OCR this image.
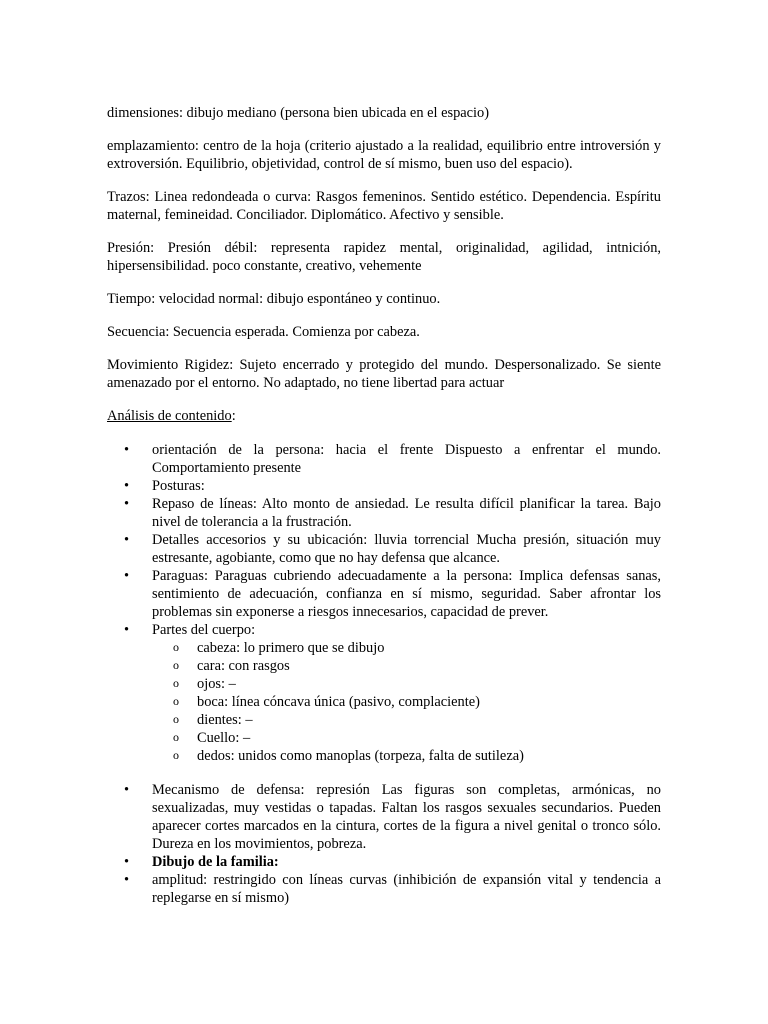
dimensiones: dibujo mediano (persona bien ubicada en el espacio)

emplazamiento: centro de la hoja (criterio ajustado a la realidad, equilibrio entre introversión y extroversión. Equilibrio, objetividad, control de sí mismo, buen uso del espacio).

Trazos: Linea redondeada o curva: Rasgos femeninos. Sentido estético. Dependencia. Espíritu maternal, femineidad. Conciliador. Diplomático. Afectivo y sensible.

Presión: Presión débil: representa rapidez mental, originalidad, agilidad, intnición, hipersensibilidad. poco constante, creativo, vehemente

Tiempo: velocidad normal: dibujo espontáneo y continuo.

Secuencia: Secuencia esperada. Comienza por cabeza.

Movimiento Rigidez: Sujeto encerrado y protegido del mundo. Despersonalizado. Se siente amenazado por el entorno. No adaptado, no tiene libertad para actuar

Análisis de contenido:

• orientación de la persona: hacia el frente Dispuesto a enfrentar el mundo. Comportamiento presente
• Posturas:
• Repaso de líneas: Alto monto de ansiedad. Le resulta difícil planificar la tarea. Bajo nivel de tolerancia a la frustración.
• Detalles accesorios y su ubicación: lluvia torrencial Mucha presión, situación muy estresante, agobiante, como que no hay defensa que alcance.
• Paraguas: Paraguas cubriendo adecuadamente a la persona: Implica defensas sanas, sentimiento de adecuación, confianza en sí mismo, seguridad. Saber afrontar los problemas sin exponerse a riesgos innecesarios, capacidad de prever.
• Partes del cuerpo:
o cabeza: lo primero que se dibujo
o cara: con rasgos
o ojos: –
o boca: línea cóncava única (pasivo, complaciente)
o dientes: –
o Cuello: –
o dedos: unidos como manoplas (torpeza, falta de sutileza)
• Mecanismo de defensa: represión Las figuras son completas, armónicas, no sexualizadas, muy vestidas o tapadas. Faltan los rasgos sexuales secundarios. Pueden aparecer cortes marcados en la cintura, cortes de la figura a nivel genital o tronco sólo. Dureza en los movimientos, pobreza.
• Dibujo de la familia:
• amplitud: restringido con líneas curvas (inhibición de expansión vital y tendencia a replegarse en sí mismo)
